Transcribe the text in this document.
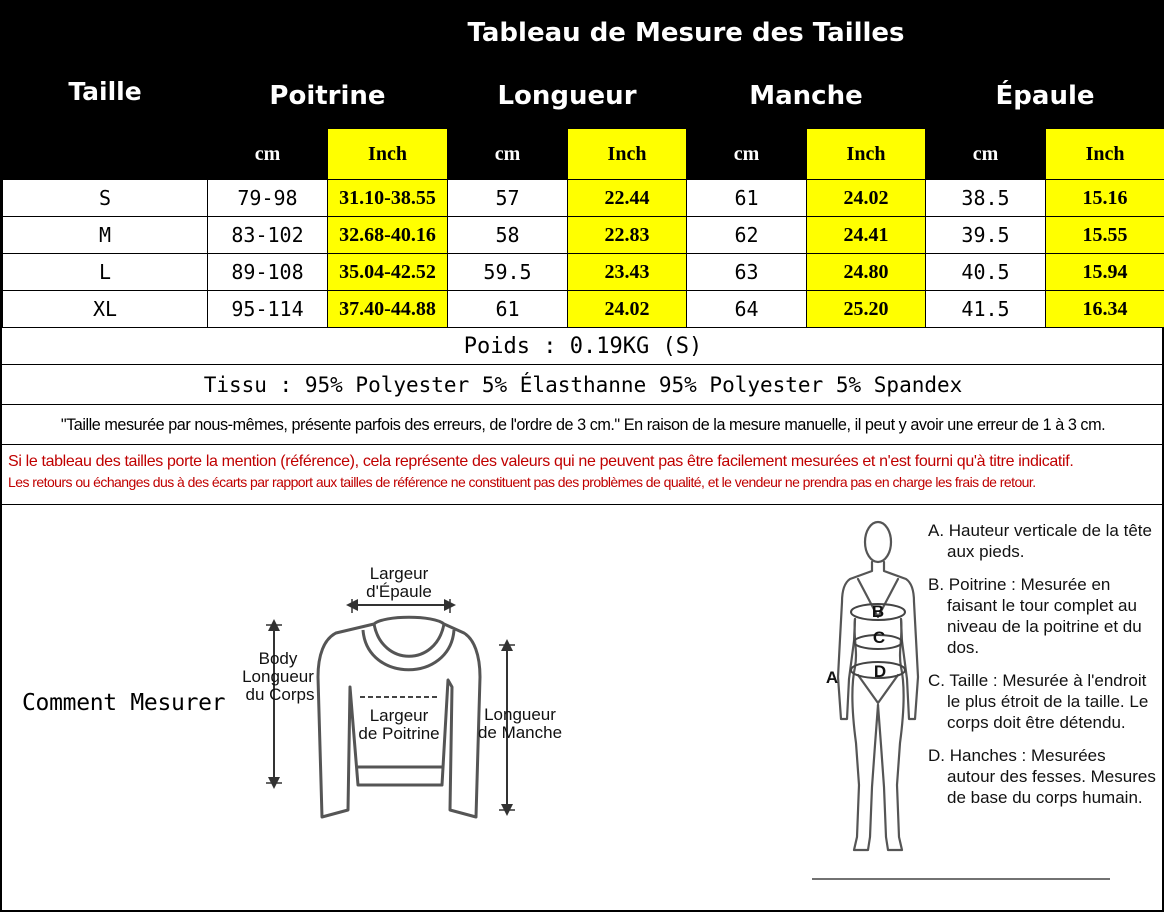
Taille	Tableau de Mesure des Tailles							
	Poitrine		Longueur		Manche		Épaule	
	cm	Inch	cm	Inch	cm	Inch	cm	Inch
S	79-98	31.10-38.55	57	22.44	61	24.02	38.5	15.16
M	83-102	32.68-40.16	58	22.83	62	24.41	39.5	15.55
L	89-108	35.04-42.52	59.5	23.43	63	24.80	40.5	15.94
XL	95-114	37.40-44.88	61	24.02	64	25.20	41.5	16.34
Poids : 0.19KG (S)
Tissu : 95% Polyester 5% Élasthanne 95% Polyester 5% Spandex
"Taille mesurée par nous-mêmes, présente parfois des erreurs, de l'ordre de 3 cm." En raison de la mesure manuelle, il peut y avoir une erreur de 1 à 3 cm.
Si le tableau des tailles porte la mention (référence), cela représente des valeurs qui ne peuvent pas être facilement mesurées et n'est fourni qu'à titre indicatif.
Les retours ou échanges dus à des écarts par rapport aux tailles de référence ne constituent pas des problèmes de qualité, et le vendeur ne prendra pas en charge les frais de retour.
Comment Mesurer
Largeur
d'Épaule
Body
Longueur
du Corps
Largeur
de Poitrine
Longueur
de Manche
B
C
D
A

A. Hauteur verticale de la tête aux pieds.

B. Poitrine : Mesurée en faisant le tour complet au niveau de la poitrine et du dos.

C. Taille : Mesurée à l'endroit le plus étroit de la taille. Le corps doit être détendu.

D. Hanches : Mesurées autour des fesses. Mesures de base du corps humain.
